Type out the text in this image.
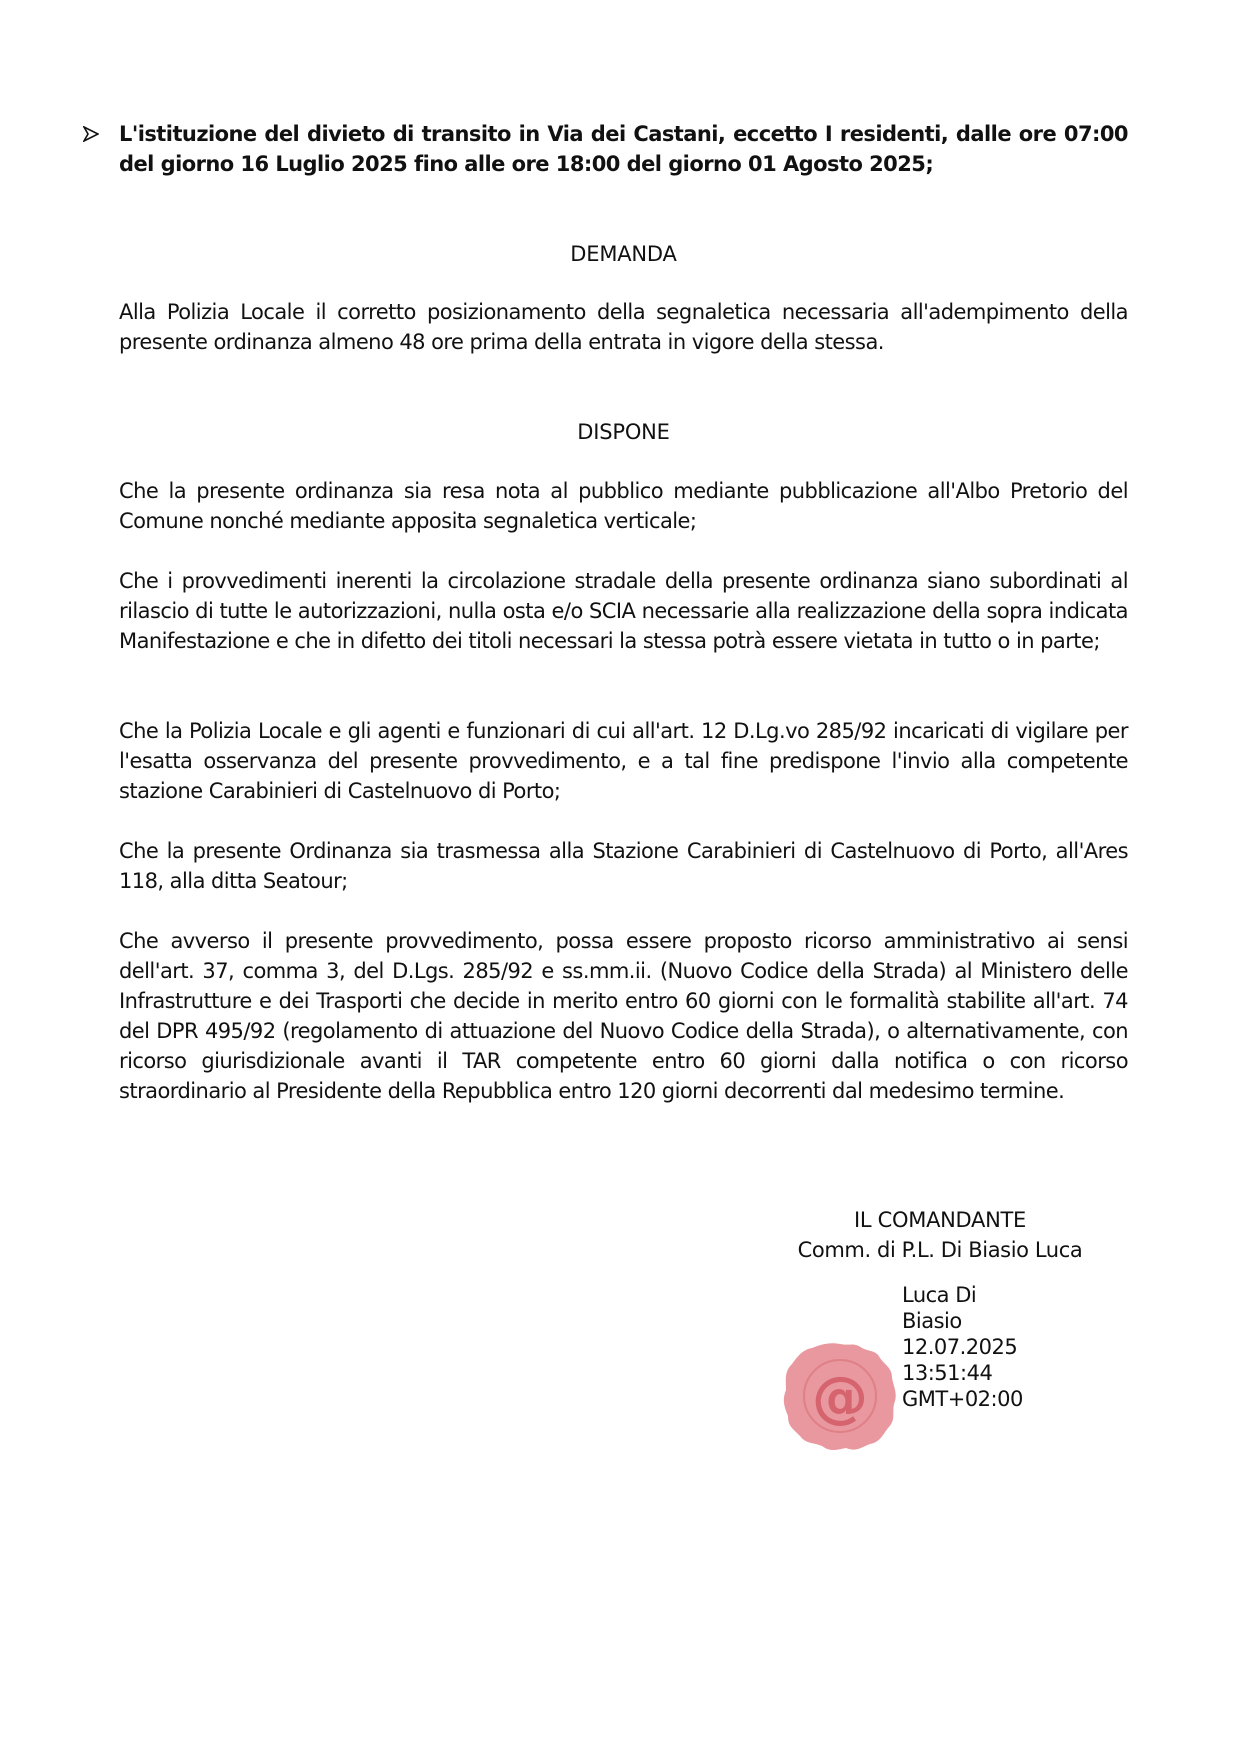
L'istituzione del divieto di transito in Via dei Castani, eccetto I residenti, dalle ore 07:00 del giorno 16 Luglio 2025 fino alle ore 18:00 del giorno 01 Agosto 2025;
DEMANDA
Alla Polizia Locale il corretto posizionamento della segnaletica necessaria all'adempimento della presente ordinanza almeno 48 ore prima della entrata in vigore della stessa.
DISPONE
Che la presente ordinanza sia resa nota al pubblico mediante pubblicazione all'Albo Pretorio del Comune nonché mediante apposita segnaletica verticale;
Che i provvedimenti inerenti la circolazione stradale della presente ordinanza siano subordinati al rilascio di tutte le autorizzazioni, nulla osta e/o SCIA necessarie alla realizzazione della sopra indicata Manifestazione e che in difetto dei titoli necessari la stessa potrà essere vietata in tutto o in parte;
Che la Polizia Locale e gli agenti e funzionari di cui all'art. 12 D.Lg.vo 285/92 incaricati di vigilare per l'esatta osservanza del presente provvedimento, e a tal fine predispone l'invio alla competente stazione Carabinieri di Castelnuovo di Porto;
Che la presente Ordinanza sia trasmessa alla Stazione Carabinieri di Castelnuovo di Porto, all'Ares 118, alla ditta Seatour;
Che avverso il presente provvedimento, possa essere proposto ricorso amministrativo ai sensi dell'art. 37, comma 3, del D.Lgs. 285/92 e ss.mm.ii. (Nuovo Codice della Strada) al Ministero delle Infrastrutture e dei Trasporti che decide in merito entro 60 giorni con le formalità stabilite all'art. 74 del DPR 495/92 (regolamento di attuazione del Nuovo Codice della Strada), o alternativamente, con ricorso giurisdizionale avanti il TAR competente entro 60 giorni dalla notifica o con ricorso straordinario al Presidente della Repubblica entro 120 giorni decorrenti dal medesimo termine.
IL COMANDANTE
Comm. di P.L. Di Biasio Luca
@
Luca Di
Biasio
12.07.2025
13:51:44
GMT+02:00
